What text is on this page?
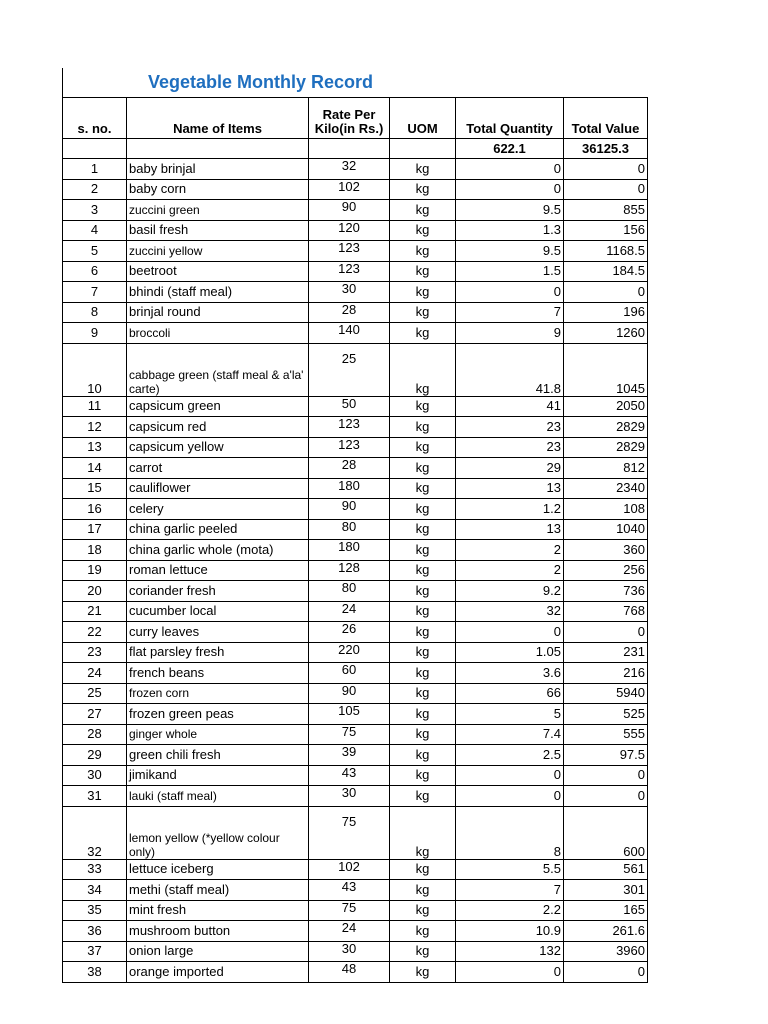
Vegetable Monthly Record
s. no.	Name of Items	Rate Per Kilo(in Rs.)	UOM	Total Quantity	Total Value
				622.1	36125.3
1	baby brinjal	32	kg	0	0
2	baby corn	102	kg	0	0
3	zuccini green	90	kg	9.5	855
4	basil fresh	120	kg	1.3	156
5	zuccini yellow	123	kg	9.5	1168.5
6	beetroot	123	kg	1.5	184.5
7	bhindi (staff meal)	30	kg	0	0
8	brinjal round	28	kg	7	196
9	broccoli	140	kg	9	1260
10	cabbage green (staff meal & a'la' carte)	25	kg	41.8	1045
11	capsicum green	50	kg	41	2050
12	capsicum red	123	kg	23	2829
13	capsicum yellow	123	kg	23	2829
14	carrot	28	kg	29	812
15	cauliflower	180	kg	13	2340
16	celery	90	kg	1.2	108
17	china garlic peeled	80	kg	13	1040
18	china garlic whole (mota)	180	kg	2	360
19	roman lettuce	128	kg	2	256
20	coriander fresh	80	kg	9.2	736
21	cucumber local	24	kg	32	768
22	curry leaves	26	kg	0	0
23	flat parsley fresh	220	kg	1.05	231
24	french beans	60	kg	3.6	216
25	frozen corn	90	kg	66	5940
27	frozen green peas	105	kg	5	525
28	ginger whole	75	kg	7.4	555
29	green chili fresh	39	kg	2.5	97.5
30	jimikand	43	kg	0	0
31	lauki (staff meal)	30	kg	0	0
32	lemon yellow (*yellow colour only)	75	kg	8	600
33	lettuce iceberg	102	kg	5.5	561
34	methi (staff meal)	43	kg	7	301
35	mint fresh	75	kg	2.2	165
36	mushroom button	24	kg	10.9	261.6
37	onion large	30	kg	132	3960
38	orange imported	48	kg	0	0
